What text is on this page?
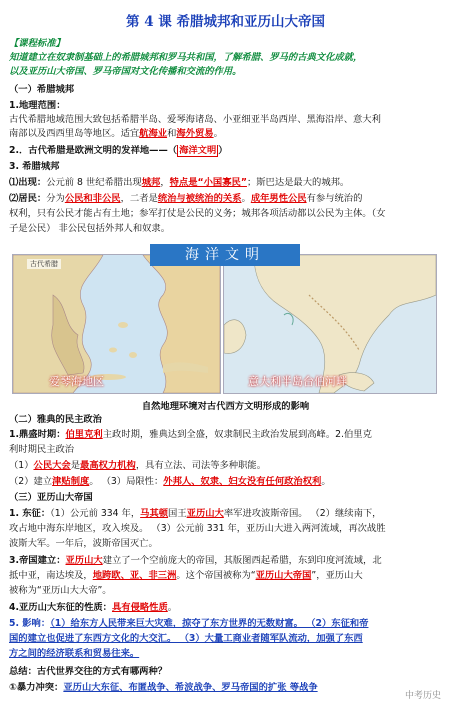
第 4 课 希腊城邦和亚历山大帝国
【课程标准】
知道建立在奴隶制基础上的希腊城邦和罗马共和国，了解希腊、罗马的古典文化成就，
以及亚历山大帝国、罗马帝国对文化传播和交流的作用。
（一）希腊城邦
1.地理范围：
古代希腊地域范围大致包括希腊半岛、爱琴海诸岛、小亚细亚半岛西岸、黑海沿岸、意大利
南部以及西西里岛等地区。适宜航海业和海外贸易。
2.．古代希腊是欧洲文明的发祥地——（ 海洋文明 ）
3. 希腊城邦
⑴出现：公元前 8 世纪希腊出现城邦，特点是“小国寡民”；斯巴达是最大的城邦。
⑵居民：分为公民和非公民，二者是统治与被统治的关系。成年男性公民有参与统治的
权利，只有公民才能占有土地；参军打仗是公民的义务；城邦各项活动都以公民为主体。（女
子是公民） 非公民包括外邦人和奴隶。
古代希腊
爱琴海地区	意大利半岛台伯河畔
海洋文明
自然地理环境对古代西方文明形成的影响
（二）雅典的民主政治
1.鼎盛时期：伯里克利主政时期，雅典达到全盛，奴隶制民主政治发展到高峰。2.伯里克
利时期民主政治
（1）公民大会是最高权力机构，具有立法、司法等多种职能。
（2）建立津贴制度。 （3）局限性：外邦人、奴隶、妇女没有任何政治权利。
（三）亚历山大帝国
1. 东征：（1）公元前 334 年，马其顿国王亚历山大率军进攻波斯帝国。 （2）继续南下，
攻占地中海东岸地区，攻入埃及。 （3）公元前 331 年，亚历山大进入两河流域，再次战胜
波斯大军。一年后，波斯帝国灭亡。
3.帝国建立：亚历山大建立了一个空前庞大的帝国，其版图西起希腊，东到印度河流域，北
抵中亚，南达埃及，地跨欧、亚、非三洲。这个帝国被称为“亚历山大帝国”，亚历山大
被称为“亚历山大大帝”。
4.亚历山大东征的性质：具有侵略性质。
5. 影响：（1）给东方人民带来巨大灾难，掠夺了东方世界的无数财富。 （2）东征和帝
国的建立也促进了东西方文化的大交汇。 （3）大量工商业者随军队流动，加强了东西
方之间的经济联系和贸易往来。
总结：古代世界交往的方式有哪两种？
①暴力冲突：亚历山大东征、布匿战争、希波战争、罗马帝国的扩张 等战争
中考历史
